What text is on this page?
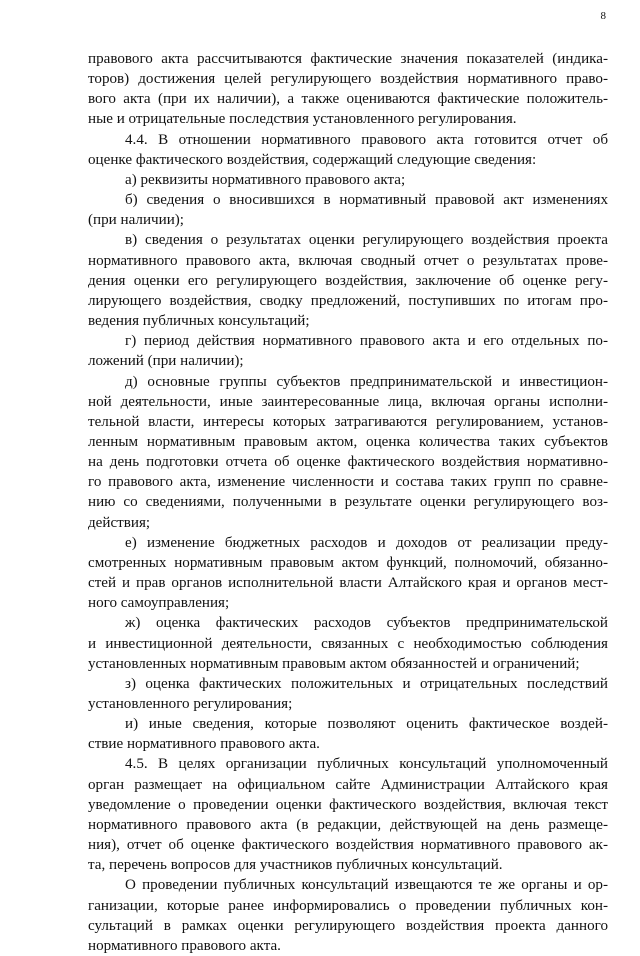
8
правового акта рассчитываются фактические значения показателей (индика-
торов) достижения целей регулирующего воздействия нормативного право-
вого акта (при их наличии), а также оцениваются фактические положитель-
ные и отрицательные последствия установленного регулирования.
4.4. В отношении нормативного правового акта готовится отчет об
оценке фактического воздействия, содержащий следующие сведения:
а) реквизиты нормативного правового акта;
б) сведения о вносившихся в нормативный правовой акт изменениях
(при наличии);
в) сведения о результатах оценки регулирующего воздействия проекта
нормативного правового акта, включая сводный отчет о результатах прове-
дения оценки его регулирующего воздействия, заключение об оценке регу-
лирующего воздействия, сводку предложений, поступивших по итогам про-
ведения публичных консультаций;
г) период действия нормативного правового акта и его отдельных по-
ложений (при наличии);
д) основные группы субъектов предпринимательской и инвестицион-
ной деятельности, иные заинтересованные лица, включая органы исполни-
тельной власти, интересы которых затрагиваются регулированием, установ-
ленным нормативным правовым актом, оценка количества таких субъектов
на день подготовки отчета об оценке фактического воздействия нормативно-
го правового акта, изменение численности и состава таких групп по сравне-
нию со сведениями, полученными в результате оценки регулирующего воз-
действия;
е) изменение бюджетных расходов и доходов от реализации преду-
смотренных нормативным правовым актом функций, полномочий, обязанно-
стей и прав органов исполнительной власти Алтайского края и органов мест-
ного самоуправления;
ж) оценка фактических расходов субъектов предпринимательской
и инвестиционной деятельности, связанных с необходимостью соблюдения
установленных нормативным правовым актом обязанностей и ограничений;
з) оценка фактических положительных и отрицательных последствий
установленного регулирования;
и) иные сведения, которые позволяют оценить фактическое воздей-
ствие нормативного правового акта.
4.5. В целях организации публичных консультаций уполномоченный
орган размещает на официальном сайте Администрации Алтайского края
уведомление о проведении оценки фактического воздействия, включая текст
нормативного правового акта (в редакции, действующей на день размеще-
ния), отчет об оценке фактического воздействия нормативного правового ак-
та, перечень вопросов для участников публичных консультаций.
О проведении публичных консультаций извещаются те же органы и ор-
ганизации, которые ранее информировались о проведении публичных кон-
сультаций в рамках оценки регулирующего воздействия проекта данного
нормативного правового акта.
